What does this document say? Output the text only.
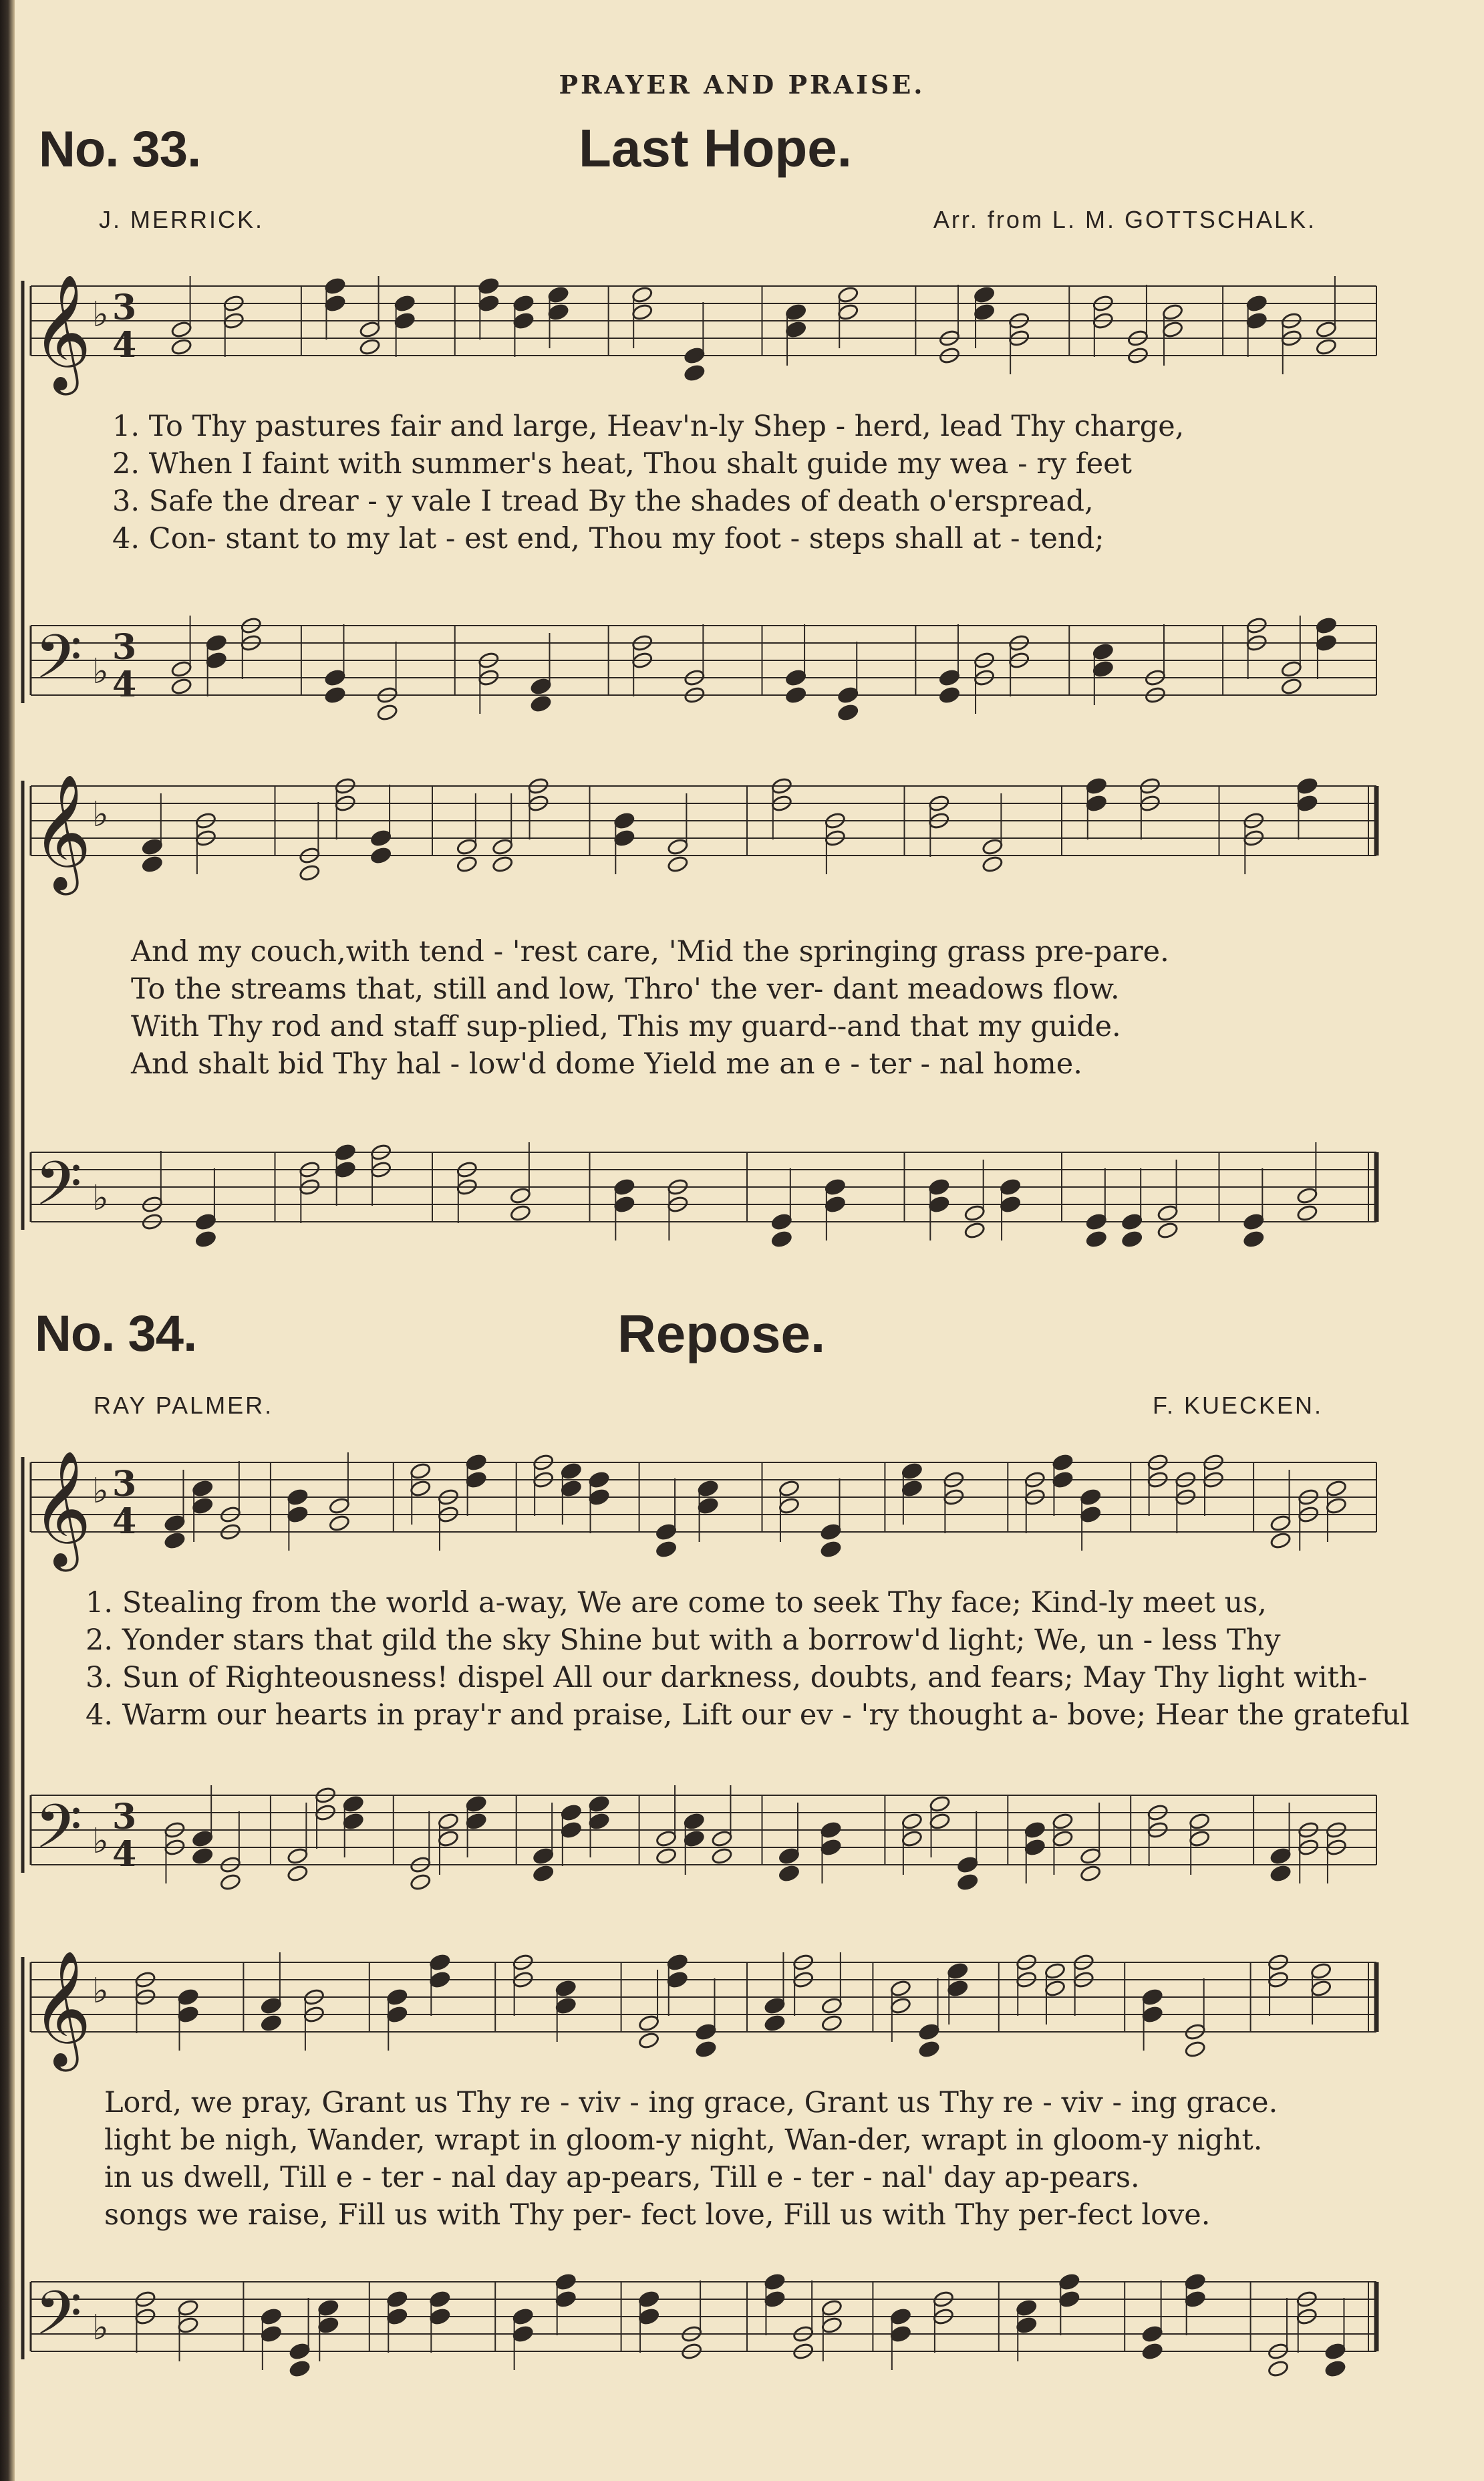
PRAYER AND PRAISE.
No. 33.	Last Hope.
J. MERRICK.	Arr. from L. M. GOTTSCHALK.
1. To Thy pastures fair and large, Heav'n-ly Shep - herd, lead Thy charge,
2. When I faint with summer's heat, Thou shalt guide my wea - ry feet
3. Safe the drear - y vale I tread By the shades of death o'erspread,
4. Con- stant to my lat - est end, Thou my foot - steps shall at - tend;
And my couch,with tend - 'rest care, 'Mid the springing grass pre-pare.
To the streams that, still and low, Thro' the ver- dant meadows flow.
With Thy rod and staff sup-plied, This my guard--and that my guide.
And shalt bid Thy hal - low'd dome Yield me an e - ter - nal home.
No. 34.	Repose.
RAY PALMER.	F. KUECKEN.
1. Stealing from the world a-way, We are come to seek Thy face; Kind-ly meet us,
2. Yonder stars that gild the sky Shine but with a borrow'd light; We, un - less Thy
3. Sun of Righteousness! dispel All our darkness, doubts, and fears; May Thy light with-
4. Warm our hearts in pray'r and praise, Lift our ev - 'ry thought a- bove; Hear the grateful
Lord, we pray, Grant us Thy re - viv - ing grace, Grant us Thy re - viv - ing grace.
light be nigh, Wander, wrapt in gloom-y night, Wan-der, wrapt in gloom-y night.
in us dwell, Till e - ter - nal day ap-pears, Till e - ter - nal' day ap-pears.
songs we raise, Fill us with Thy per- fect love, Fill us with Thy per-fect love.
𝄞 ♭ 3
4
𝄢 ♭
3
4
𝄞 ♭
𝄢 ♭
𝄞 ♭ 3
4
𝄢 ♭
3
4
𝄞 ♭
𝄢 ♭
